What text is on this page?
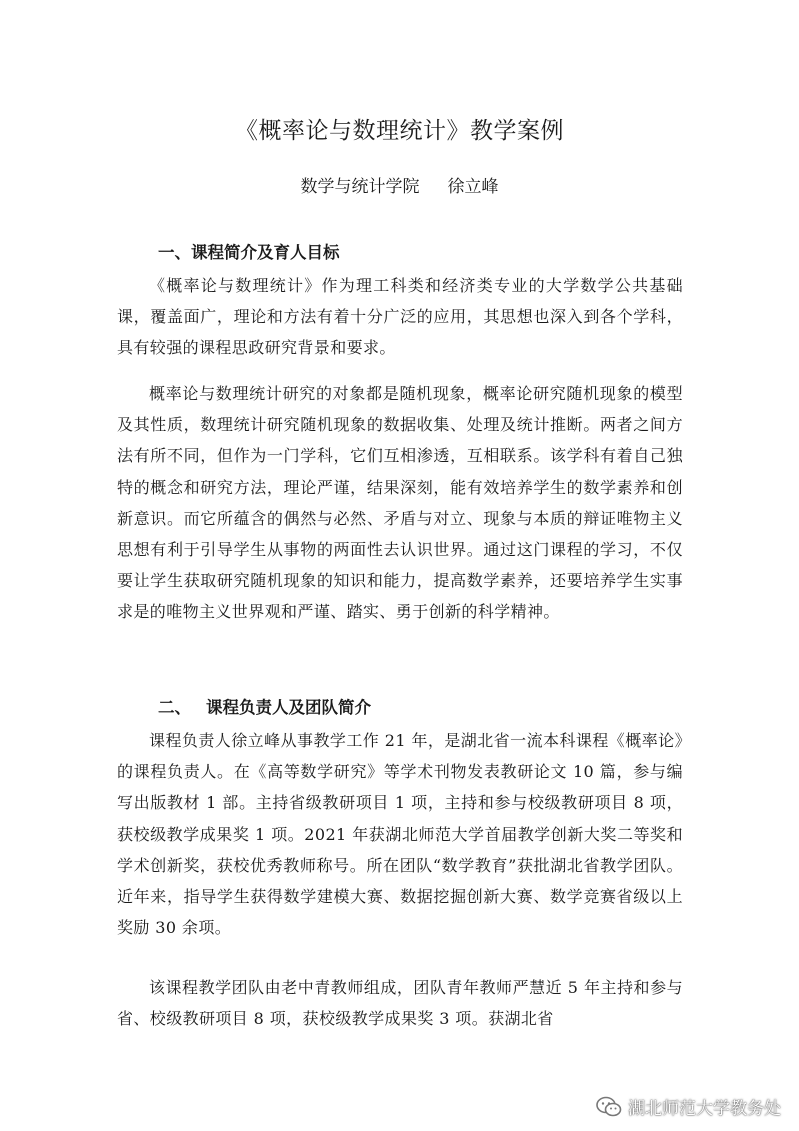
《概率论与数理统计》教学案例
数学与统计学院 徐立峰
一、课程简介及育人目标

《概率论与数理统计》作为理工科类和经济类专业的大学数学公共基础课，覆盖面广，理论和方法有着十分广泛的应用，其思想也深入到各个学科，具有较强的课程思政研究背景和要求。

概率论与数理统计研究的对象都是随机现象，概率论研究随机现象的模型及其性质，数理统计研究随机现象的数据收集、处理及统计推断。两者之间方法有所不同，但作为一门学科，它们互相渗透，互相联系。该学科有着自己独特的概念和研究方法，理论严谨，结果深刻，能有效培养学生的数学素养和创新意识。而它所蕴含的偶然与必然、矛盾与对立、现象与本质的辩证唯物主义思想有利于引导学生从事物的两面性去认识世界。通过这门课程的学习，不仅要让学生获取研究随机现象的知识和能力，提高数学素养，还要培养学生实事求是的唯物主义世界观和严谨、踏实、勇于创新的科学精神。

二、 课程负责人及团队简介

课程负责人徐立峰从事教学工作 21 年，是湖北省一流本科课程《概率论》的课程负责人。在《高等数学研究》等学术刊物发表教研论文 10 篇，参与编写出版教材 1 部。主持省级教研项目 1 项，主持和参与校级教研项目 8 项，获校级教学成果奖 1 项。2021 年获湖北师范大学首届教学创新大奖二等奖和学术创新奖，获校优秀教师称号。所在团队“数学教育”获批湖北省教学团队。近年来，指导学生获得数学建模大赛、数据挖掘创新大赛、数学竞赛省级以上奖励 30 余项。

该课程教学团队由老中青教师组成，团队青年教师严慧近 5 年主持和参与省、校级教研项目 8 项，获校级教学成果奖 3 项。获湖北省

湖北师范大学教务处
